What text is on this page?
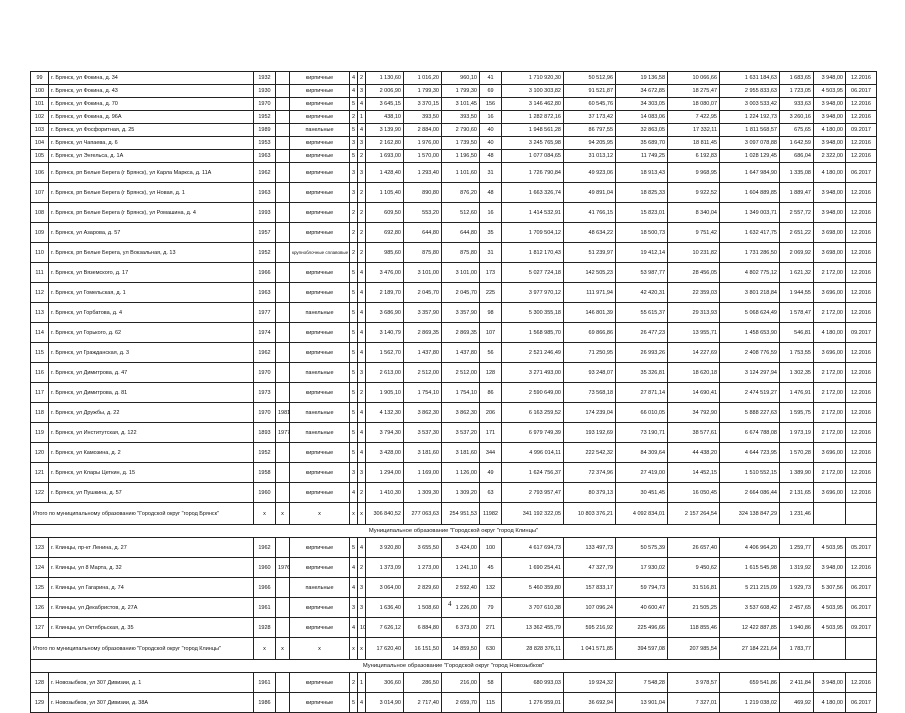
99	г. Брянск, ул Фокина, д. 34	1932		кирпичные	4	2	1 130,60	1 016,20	960,10	41	1 710 920,30	50 512,96	19 136,58	10 066,66	1 631 184,63	1 683,65	3 948,00	12.2016
100	г. Брянск, ул Фокина, д. 43	1930		кирпичные	4	3	2 006,90	1 799,30	1 799,30	69	3 100 303,82	91 521,87	34 672,85	18 275,47	2 955 833,63	1 723,05	4 503,95	06.2017
101	г. Брянск, ул Фокина, д. 70	1970		кирпичные	5	4	3 645,15	3 370,15	3 101,45	156	3 146 462,80	60 545,76	34 303,05	18 080,07	3 003 533,42	933,63	3 948,00	12.2016
102	г. Брянск, ул Фокина, д. 96А	1952		кирпичные	2	1	438,10	393,50	393,50	16	1 282 872,16	37 173,42	14 083,06	7 422,95	1 224 192,73	3 260,16	3 948,00	12.2016
103	г. Брянск, ул Фосфоритная, д. 25	1989		панельные	5	4	3 139,90	2 884,00	2 790,60	40	1 948 561,28	86 797,55	32 863,05	17 332,11	1 811 568,57	675,65	4 180,00	09.2017
104	г. Брянск, ул Чапаева, д. 6	1953		кирпичные	3	3	2 162,80	1 976,00	1 739,50	40	3 245 765,98	94 205,95	35 689,70	18 811,45	3 097 078,88	1 642,59	3 948,00	12.2016
105	г. Брянск, ул Энгельса, д. 1А	1963		кирпичные	5	2	1 693,00	1 570,00	1 196,50	48	1 077 084,65	31 013,12	11 749,25	6 192,83	1 028 129,45	686,04	2 322,00	12.2016
106	г. Брянск, рп Белые Берега (г Брянск), ул Карла Маркса, д. 11А	1962		кирпичные	3	3	1 428,40	1 293,40	1 101,60	31	1 726 790,84	49 923,06	18 913,43	9 968,95	1 647 984,90	1 335,08	4 180,00	06.2017
107	г. Брянск, рп Белые Берега (г Брянск), ул Новая, д. 1	1963		кирпичные	3	2	1 105,40	890,80	876,20	48	1 663 326,74	49 891,04	18 825,33	9 922,52	1 604 889,85	1 889,47	3 948,00	12.2016
108	г. Брянск, рп Белые Берега (г Брянск), ул Ромашина, д. 4	1993		кирпичные	2	2	609,50	553,20	512,60	16	1 414 532,91	41 766,15	15 823,01	8 340,04	1 349 003,71	2 557,72	3 948,00	12.2016
109	г. Брянск, ул Азарова, д. 57	1957		кирпичные	2	2	692,80	644,80	644,80	35	1 709 504,12	48 634,22	18 500,73	9 751,42	1 632 417,75	2 651,22	3 698,00	12.2016
110	г. Брянск, рп Белые Берега, ул Вокзальная, д. 13	1952		крупноблочные сплавовые	2	2	985,60	875,80	875,80	31	1 812 170,43	51 239,97	19 412,14	10 231,82	1 731 286,50	2 069,92	3 698,00	12.2016
111	г. Брянск, ул Вяземского, д. 17	1966		кирпичные	5	4	3 476,00	3 101,00	3 101,00	173	5 027 724,18	142 505,23	53 987,77	28 456,05	4 802 775,12	1 621,32	2 172,00	12.2016
112	г. Брянск, ул Гомельская, д. 1	1963		кирпичные	5	4	2 189,70	2 045,70	2 045,70	225	3 977 970,12	111 971,94	42 420,31	22 359,03	3 801 218,84	1 944,55	3 696,00	12.2016
113	г. Брянск, ул Горбатова, д. 4	1977		панельные	5	4	3 686,90	3 357,90	3 357,90	98	5 300 355,18	146 801,39	55 615,37	29 313,93	5 068 624,49	1 578,47	2 172,00	12.2016
114	г. Брянск, ул Горького, д. 62	1974		кирпичные	5	4	3 140,79	2 869,35	2 869,35	107	1 568 985,70	69 866,86	26 477,23	13 955,71	1 458 653,90	546,81	4 180,00	09.2017
115	г. Брянск, ул Гражданская, д. 3	1962		кирпичные	5	4	1 562,70	1 437,80	1 437,80	56	2 521 246,49	71 250,95	26 993,26	14 227,69	2 408 776,59	1 753,55	3 696,00	12.2016
116	г. Брянск, ул Димитрова, д. 47	1970		панельные	5	3	2 613,00	2 512,00	2 512,00	128	3 271 493,00	93 248,07	35 326,81	18 620,18	3 124 297,94	1 302,35	2 172,00	12.2016
117	г. Брянск, ул Димитрова, д. 81	1973		кирпичные	5	2	1 905,10	1 754,10	1 754,10	86	2 590 649,00	73 568,18	27 871,14	14 690,41	2 474 519,27	1 476,91	2 172,00	12.2016
118	г. Брянск, ул Дружбы, д. 22	1970	1981	панельные	5	4	4 132,30	3 862,30	3 862,30	206	6 163 259,52	174 239,04	66 010,05	34 792,90	5 888 227,63	1 595,75	2 172,00	12.2016
119	г. Брянск, ул Институтская, д. 122	1893	1977	панельные	5	4	3 794,30	3 537,30	3 537,20	171	6 979 749,39	193 192,69	73 190,71	38 577,61	6 674 788,08	1 973,19	2 172,00	12.2016
120	г. Брянск, ул Камозина, д. 2	1952		кирпичные	5	4	3 428,00	3 181,60	3 181,60	344	4 996 014,11	222 542,32	84 309,64	44 438,20	4 644 723,95	1 570,28	3 696,00	12.2016
121	г. Брянск, ул Клары Цеткин, д. 15	1958		кирпичные	3	3	1 294,00	1 169,00	1 126,00	49	1 624 756,37	72 374,96	27 419,00	14 452,15	1 510 552,15	1 389,90	2 172,00	12.2016
122	г. Брянск, ул Пушкина, д. 57	1960		кирпичные	4	2	1 410,30	1 309,30	1 309,20	63	2 793 957,47	80 379,13	30 451,45	16 050,45	2 664 086,44	2 131,65	3 696,00	12.2016
Итого по муниципальному образованию "Городской округ "город Брянск"		x	x	x	x	x	306 840,52	277 063,63	254 951,53	11982	341 192 322,05	10 803 376,21	4 092 834,01	2 157 264,54	324 138 847,29	1 231,46		
Муниципальное образование "Городской округ "город Клинцы"																		
123	г. Клинцы, пр-кт Ленина, д. 27	1962		кирпичные	5	4	3 920,80	3 655,50	3 424,00	100	4 617 694,73	133 497,73	50 575,39	26 657,40	4 406 964,20	1 259,77	4 503,95	05.2017
124	г. Клинцы, ул 8 Марта, д. 32	1960	1976	кирпичные	4	2	1 373,09	1 273,00	1 241,10	45	1 690 254,41	47 327,79	17 930,02	9 450,62	1 615 545,98	1 319,92	3 948,00	12.2016
125	г. Клинцы, ул Гагарина, д. 74	1966		панельные	4	3	3 064,00	2 829,60	2 592,40	132	5 460 359,80	157 833,17	59 794,73	31 516,81	5 211 215,09	1 929,73	5 307,56	06.2017
126	г. Клинцы, ул Декабристов, д. 27А	1961		кирпичные	3	3	1 636,40	1 508,60	1 226,00	79	3 707 610,38	107 096,24	40 600,47	21 505,25	3 537 608,42	2 457,65	4 503,95	06.2017
127	г. Клинцы, ул Октябрьская, д. 35	1928		кирпичные	4	10	7 626,12	6 884,80	6 373,00	271	13 362 455,79	595 216,92	225 496,66	118 855,46	12 422 887,85	1 940,86	4 503,95	09.2017
Итого по муниципальному образованию "Городской округ "город Клинцы"		x	x	x	x	x	17 620,40	16 151,50	14 859,50	630	28 828 376,11	1 041 571,85	394 597,08	207 985,54	27 184 221,64	1 783,77		
Муниципальное образование "Городской округ "город Новозыбков"																		
128	г. Новозыбков, ул 307 Дивизии, д. 1	1961		кирпичные	2	1	306,60	286,50	216,00	58	680 993,03	19 924,32	7 548,28	3 978,57	659 541,86	2 411,84	3 948,00	12.2016
129	г. Новозыбков, ул 307 Дивизии, д. 38А	1986		кирпичные	5	4	3 014,90	2 717,40	2 659,70	115	1 276 959,01	36 692,94	13 901,04	7 327,01	1 219 038,02	469,92	4 180,00	06.2017
4
